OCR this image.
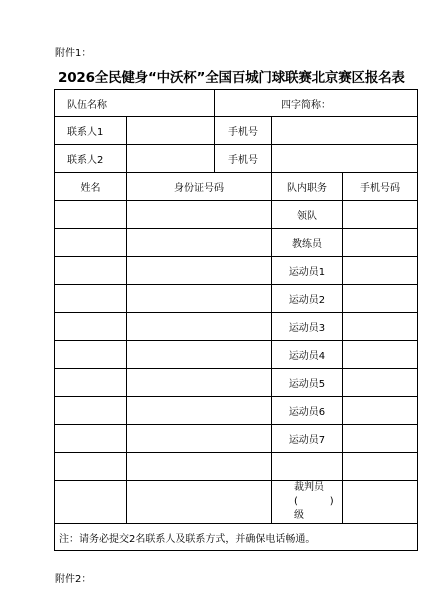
附件1：
2026全民健身“中沃杯”全国百城门球联赛北京赛区报名表
队伍名称		四字简称：		
联系人1		手机号		
联系人2		手机号		
姓名	身份证号码		队内职务	手机号码
			领队	
			教练员	
			运动员1	
			运动员2	
			运动员3	
			运动员4	
			运动员5	
			运动员6	
			运动员7	

			裁判员
(          )
级	

注：请务必提交2名联系人及联系方式，并确保电话畅通。				
附件2：
